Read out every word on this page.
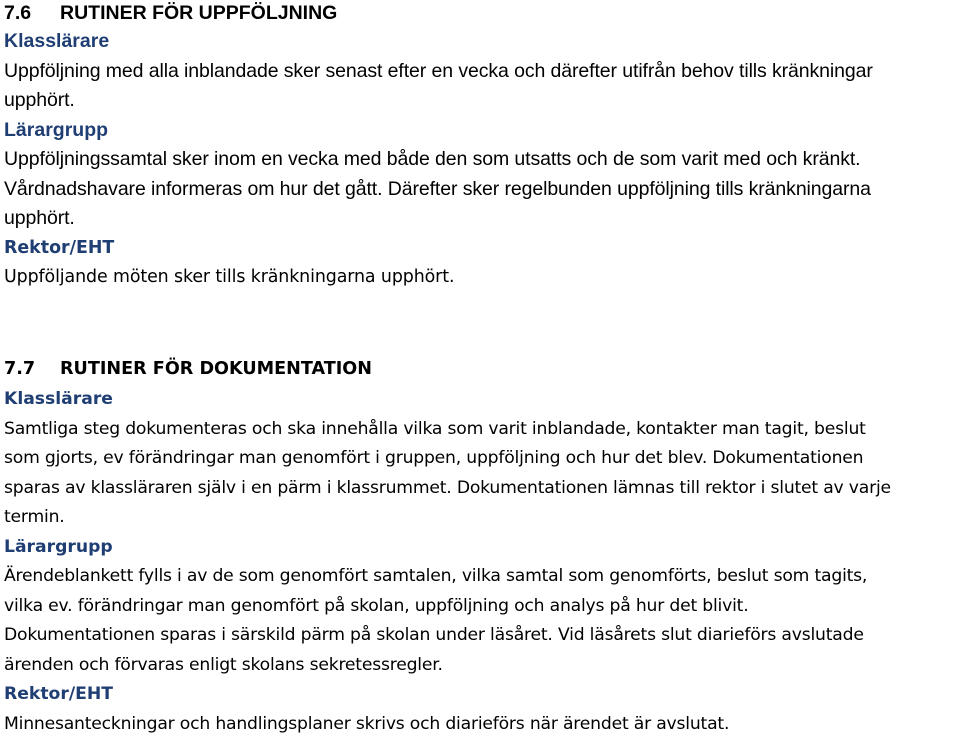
7.6 RUTINER FÖR UPPFÖLJNING
Klasslärare
Uppföljning med alla inblandade sker senast efter en vecka och därefter utifrån behov tills kränkningar
upphört.
Lärargrupp
Uppföljningssamtal sker inom en vecka med både den som utsatts och de som varit med och kränkt.
Vårdnadshavare informeras om hur det gått. Därefter sker regelbunden uppföljning tills kränkningarna
upphört.
Rektor/EHT
Uppföljande möten sker tills kränkningarna upphört.
7.7 RUTINER FÖR DOKUMENTATION
Klasslärare
Samtliga steg dokumenteras och ska innehålla vilka som varit inblandade, kontakter man tagit, beslut
som gjorts, ev förändringar man genomfört i gruppen, uppföljning och hur det blev. Dokumentationen
sparas av klassläraren själv i en pärm i klassrummet. Dokumentationen lämnas till rektor i slutet av varje
termin.
Lärargrupp
Ärendeblankett fylls i av de som genomfört samtalen, vilka samtal som genomförts, beslut som tagits,
vilka ev. förändringar man genomfört på skolan, uppföljning och analys på hur det blivit.
Dokumentationen sparas i särskild pärm på skolan under läsåret. Vid läsårets slut diarieförs avslutade
ärenden och förvaras enligt skolans sekretessregler.
Rektor/EHT
Minnesanteckningar och handlingsplaner skrivs och diarieförs när ärendet är avslutat.
